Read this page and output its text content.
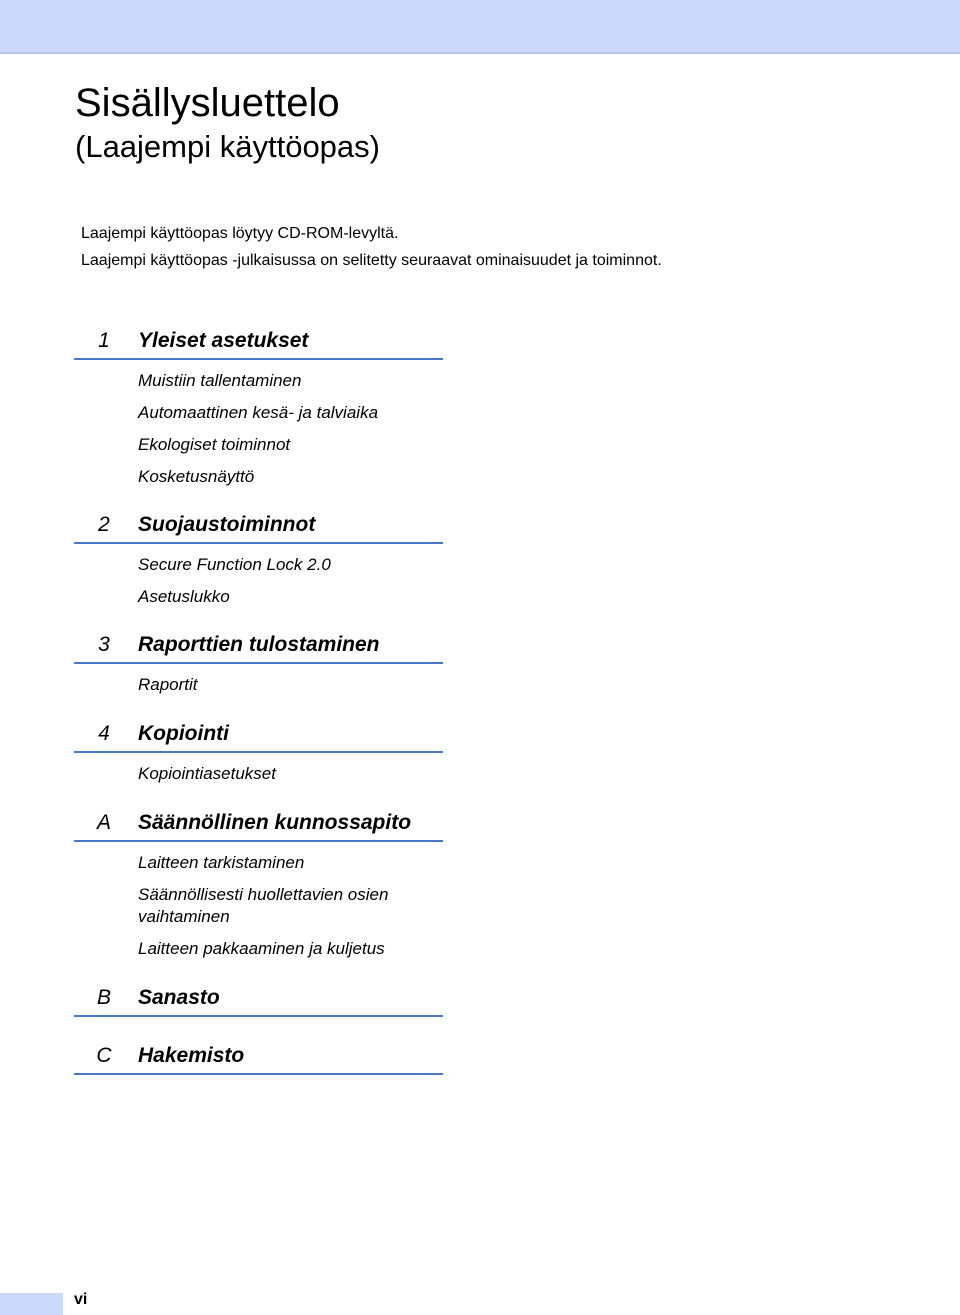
Sisällysluettelo
(Laajempi käyttöopas)
Laajempi käyttöopas löytyy CD-ROM-levyltä.
Laajempi käyttöopas -julkaisussa on selitetty seuraavat ominaisuudet ja toiminnot.
1	Yleiset asetukset
Muistiin tallentaminen
Automaattinen kesä- ja talviaika
Ekologiset toiminnot
Kosketusnäyttö
2	Suojaustoiminnot
Secure Function Lock 2.0
Asetuslukko
3	Raporttien tulostaminen
Raportit
4	Kopiointi
Kopiointiasetukset
A	Säännöllinen kunnossapito
Laitteen tarkistaminen
Säännöllisesti huollettavien osien vaihtaminen
Laitteen pakkaaminen ja kuljetus
B	Sanasto
C	Hakemisto
vi
